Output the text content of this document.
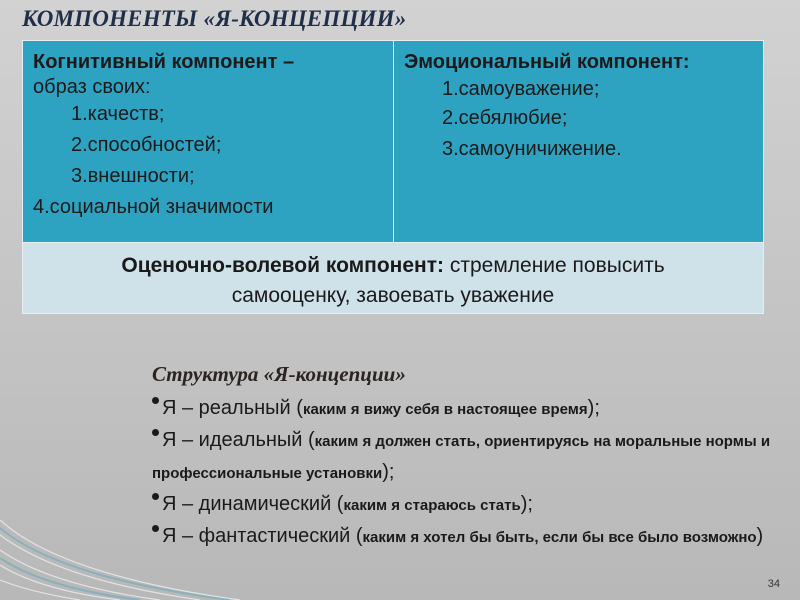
КОМПОНЕНТЫ «Я-КОНЦЕПЦИИ»
Когнитивный компонент –
образ своих:
1.качеств;
2.способностей;
3.внешности;
4.социальной значимости
Эмоциональный компонент:
1.самоуважение;
2.себялюбие;
3.самоуничижение.
Оценочно-волевой компонент: стремление повысить
самооценку, завоевать уважение
Структура «Я-концепции»
Я – реальный (каким я вижу себя в настоящее время);
Я – идеальный (каким я должен стать, ориентируясь на моральные нормы и профессиональные установки);
Я – динамический (каким я стараюсь стать);
Я – фантастический (каким я хотел бы быть, если бы все было возможно)
34
